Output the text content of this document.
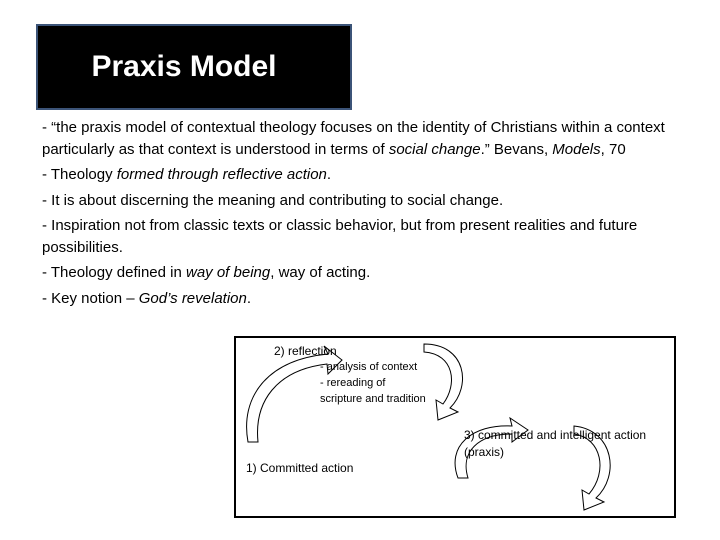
Praxis Model

- “the praxis model of contextual theology focuses on the identity of Christians within a context particularly as that context is understood in terms of social change.” Bevans, Models, 70

- Theology formed through reflective action.

- It is about discerning the meaning and contributing to social change.

- Inspiration not from classic texts or classic behavior, but from present realities and future possibilities.

- Theology defined in way of being, way of acting.

- Key notion – God’s revelation.

2) reflection
- analysis of context
- rereading of
scripture and tradition
3) committed and intelligent action
(praxis)
1) Committed action
